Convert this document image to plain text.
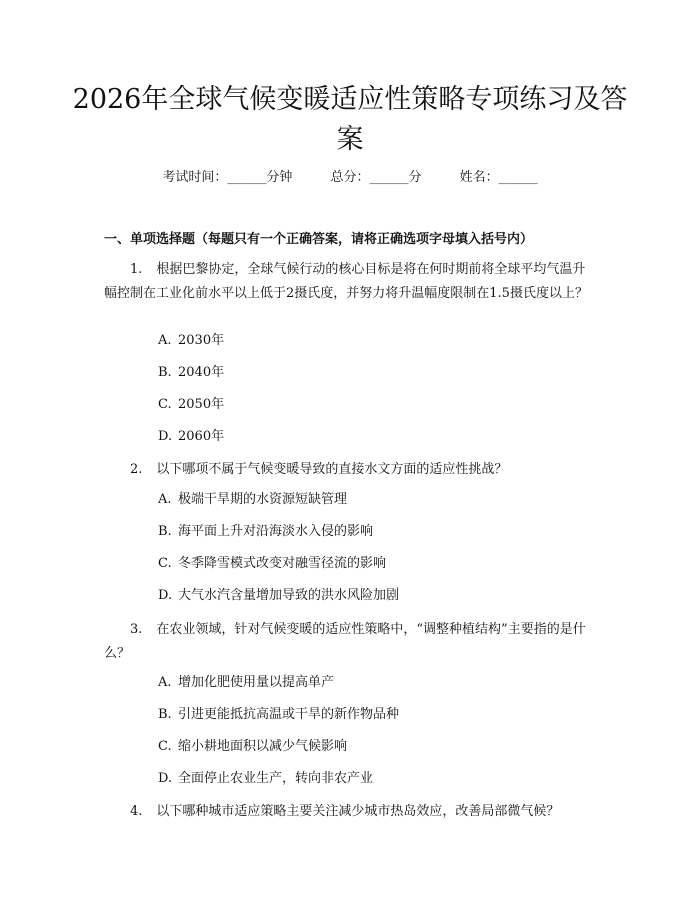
2026年全球气候变暖适应性策略专项练习及答案
考试时间：______分钟	总分：______分	姓名：______
一、单项选择题（每题只有一个正确答案，请将正确选项字母填入括号内）

1. 根据巴黎协定，全球气候行动的核心目标是将在何时期前将全球平均气温升幅控制在工业化前水平以上低于2摄氏度，并努力将升温幅度限制在1.5摄氏度以上？

A. 2030年
B. 2040年
C. 2050年
D. 2060年

2. 以下哪项不属于气候变暖导致的直接水文方面的适应性挑战？

A. 极端干旱期的水资源短缺管理
B. 海平面上升对沿海淡水入侵的影响
C. 冬季降雪模式改变对融雪径流的影响
D. 大气水汽含量增加导致的洪水风险加剧

3. 在农业领域，针对气候变暖的适应性策略中，“调整种植结构”主要指的是什么？

A. 增加化肥使用量以提高单产
B. 引进更能抵抗高温或干旱的新作物品种
C. 缩小耕地面积以减少气候影响
D. 全面停止农业生产，转向非农产业

4. 以下哪种城市适应策略主要关注减少城市热岛效应，改善局部微气候？
